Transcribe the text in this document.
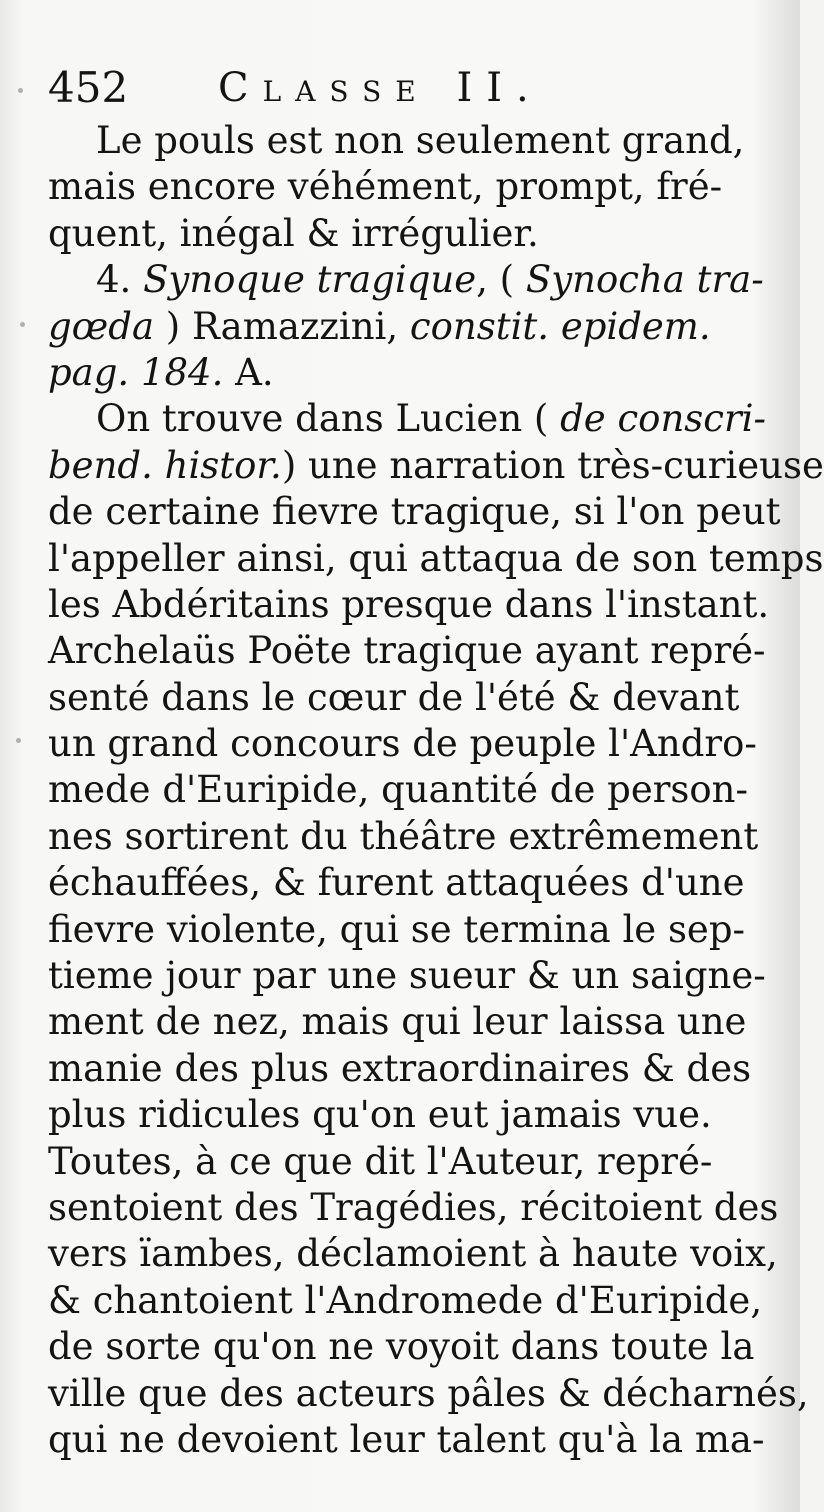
452 Classe II.
Le pouls est non seulement grand,
mais encore véhément, prompt, fré-
quent, inégal & irrégulier.
4. Synoque tragique, ( Synocha tra-
gœda ) Ramazzini, constit. epidem.
pag. 184. A.
On trouve dans Lucien ( de conscri-
bend. histor.) une narration très-curieuse
de certaine fievre tragique, si l'on peut
l'appeller ainsi, qui attaqua de son temps
les Abdéritains presque dans l'instant.
Archelaüs Poëte tragique ayant repré-
senté dans le cœur de l'été & devant
un grand concours de peuple l'Andro-
mede d'Euripide, quantité de person-
nes sortirent du théâtre extrêmement
échauffées, & furent attaquées d'une
fievre violente, qui se termina le sep-
tieme jour par une sueur & un saigne-
ment de nez, mais qui leur laissa une
manie des plus extraordinaires & des
plus ridicules qu'on eut jamais vue.
Toutes, à ce que dit l'Auteur, repré-
sentoient des Tragédies, récitoient des
vers ïambes, déclamoient à haute voix,
& chantoient l'Andromede d'Euripide,
de sorte qu'on ne voyoit dans toute la
ville que des acteurs pâles & décharnés,
qui ne devoient leur talent qu'à la ma-
